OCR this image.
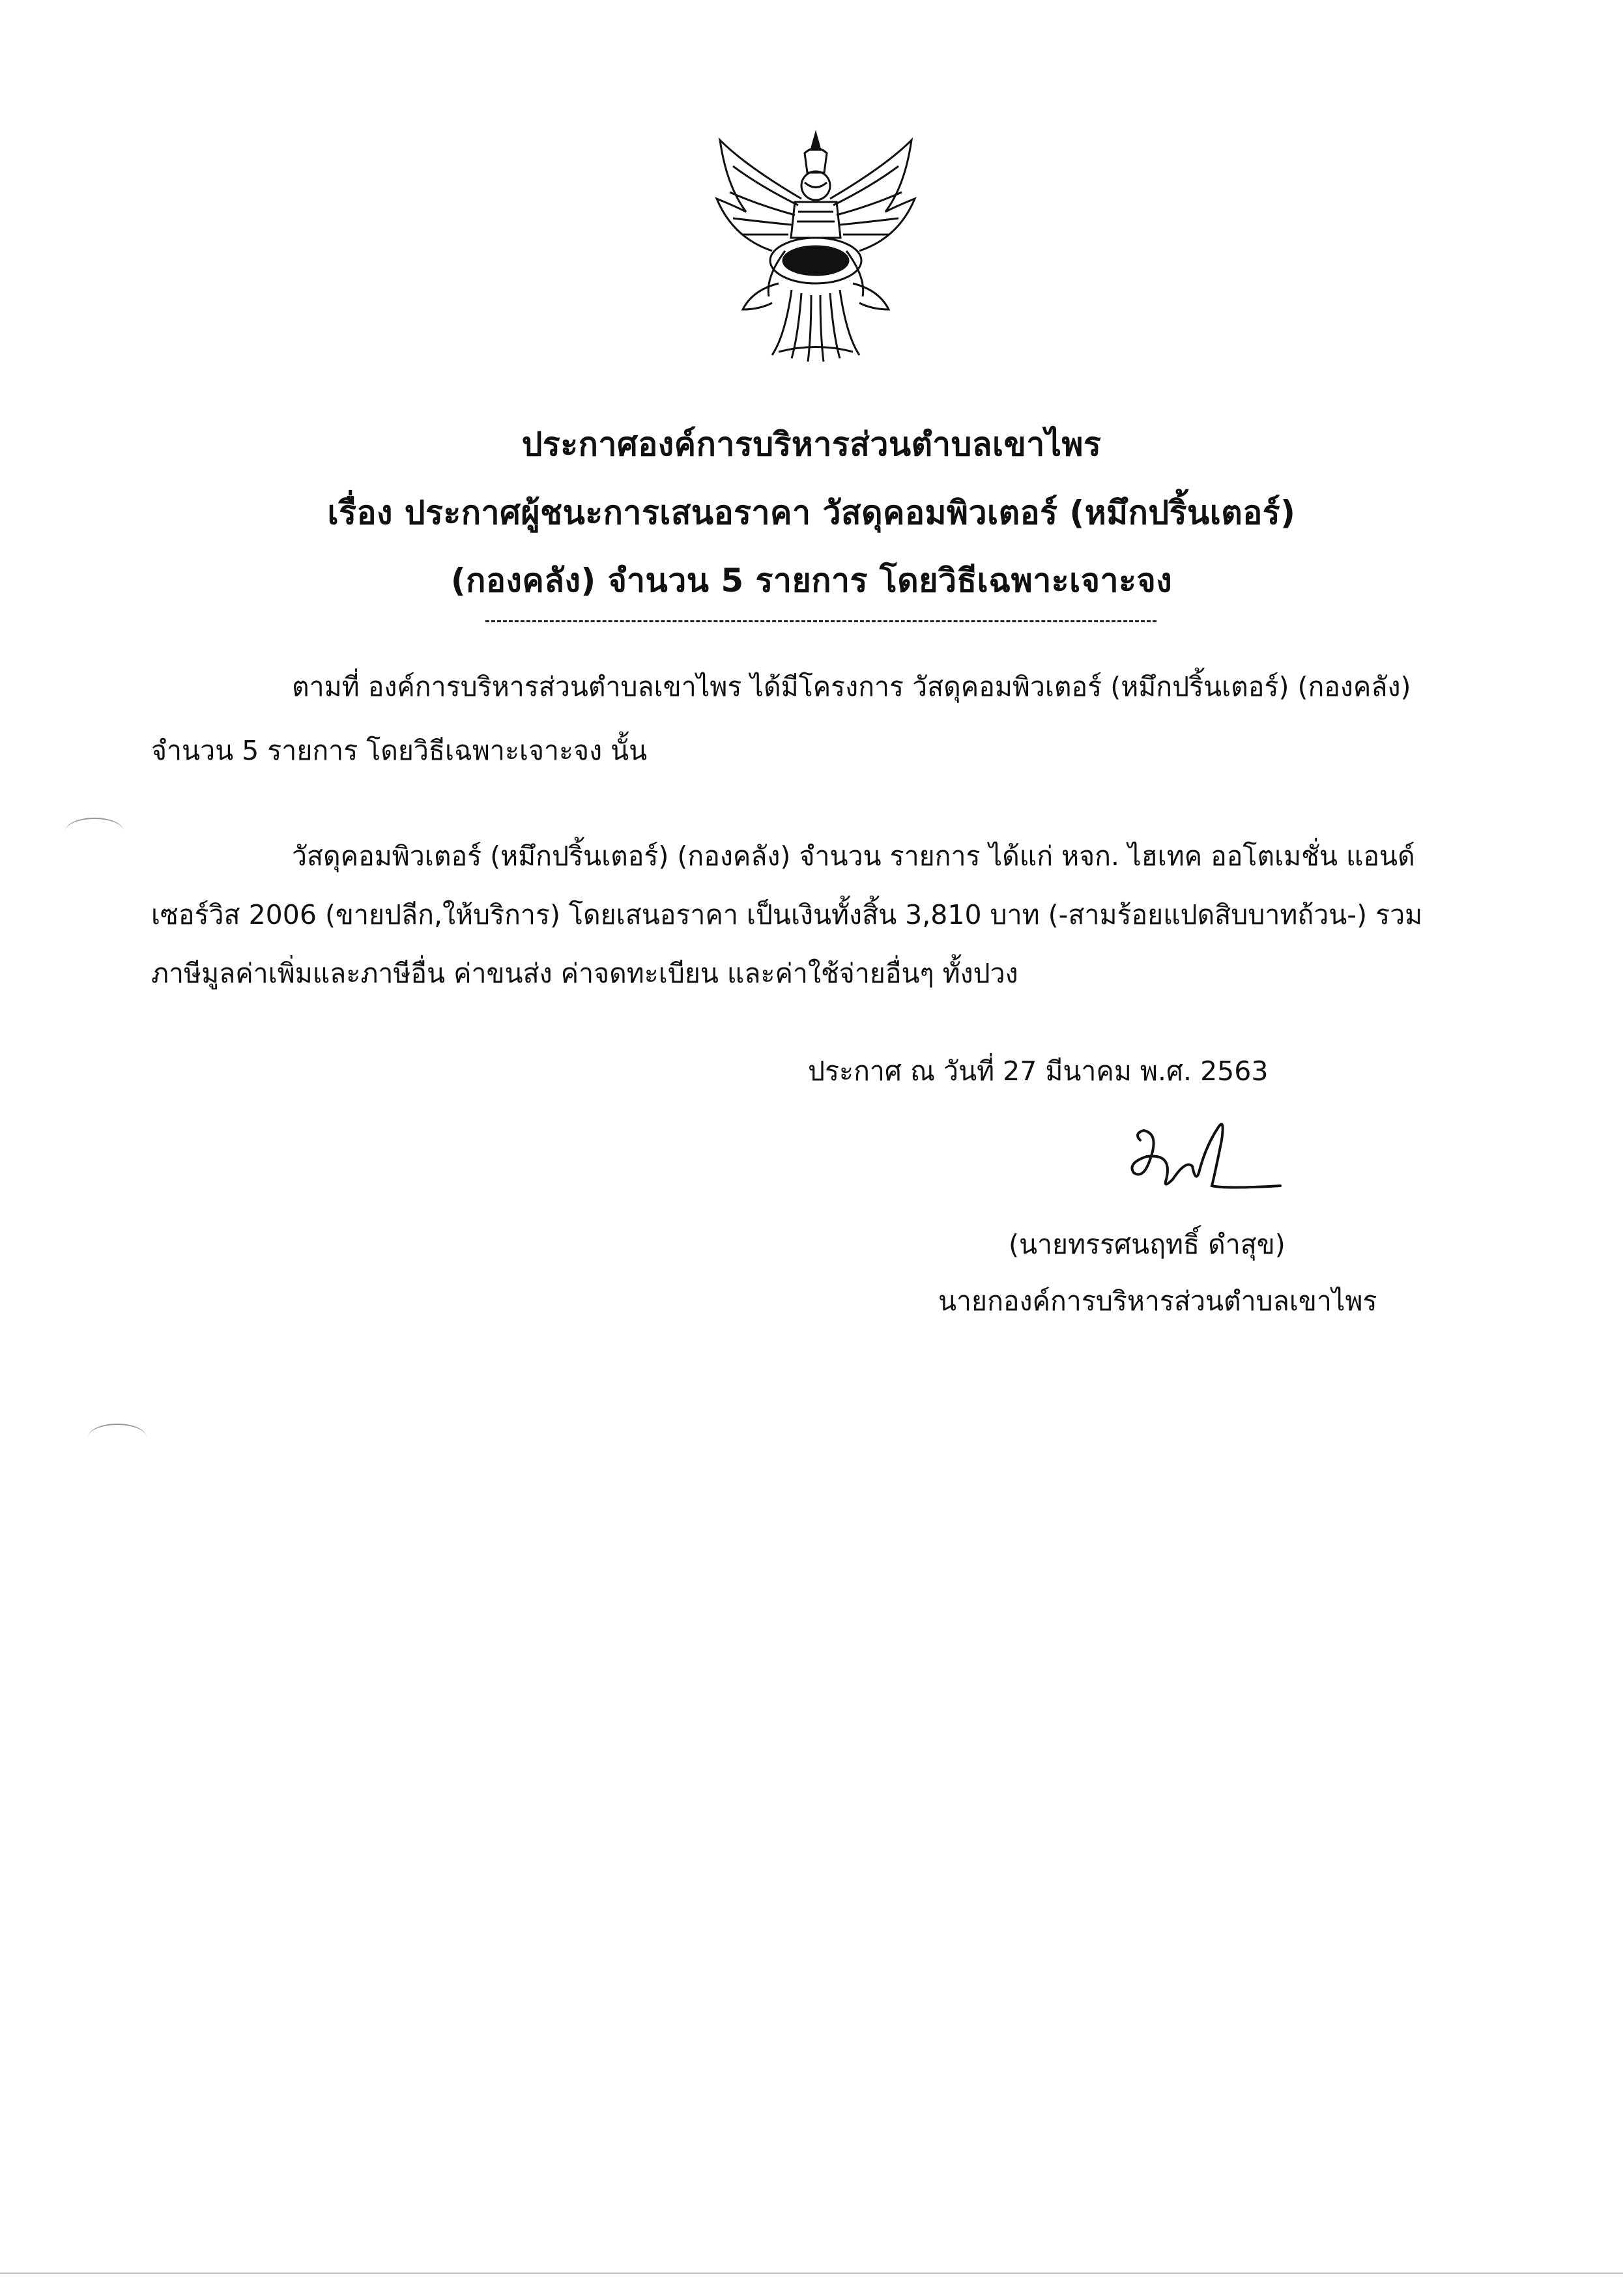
ประกาศองค์การบริหารส่วนตำบลเขาไพร
เรื่อง ประกาศผู้ชนะการเสนอราคา วัสดุคอมพิวเตอร์ (หมึกปริ้นเตอร์)
(กองคลัง) จำนวน 5 รายการ โดยวิธีเฉพาะเจาะจง
ตามที่ องค์การบริหารส่วนตำบลเขาไพร ได้มีโครงการ วัสดุคอมพิวเตอร์ (หมึกปริ้นเตอร์) (กองคลัง)
จำนวน 5 รายการ โดยวิธีเฉพาะเจาะจง นั้น
วัสดุคอมพิวเตอร์ (หมึกปริ้นเตอร์) (กองคลัง) จำนวน รายการ ได้แก่ หจก. ไฮเทค ออโตเมชั่น แอนด์
เซอร์วิส 2006 (ขายปลีก,ให้บริการ) โดยเสนอราคา เป็นเงินทั้งสิ้น 3,810 บาท (-สามร้อยแปดสิบบาทถ้วน-) รวม
ภาษีมูลค่าเพิ่มและภาษีอื่น ค่าขนส่ง ค่าจดทะเบียน และค่าใช้จ่ายอื่นๆ ทั้งปวง
ประกาศ ณ วันที่ 27 มีนาคม พ.ศ. 2563
(นายทรรศนฤทธิ์ ดำสุข)
นายกองค์การบริหารส่วนตำบลเขาไพร
